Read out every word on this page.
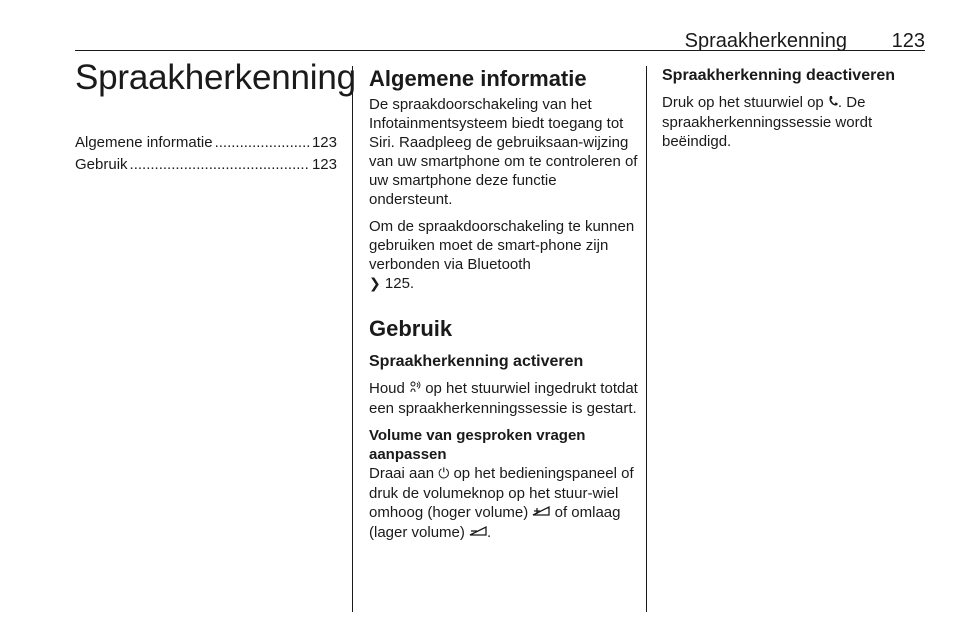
Spraakherkenning 123
Spraakherkenning
Algemene informatie .....	123
Gebruik .....	123
Algemene informatie

De spraakdoorschakeling van het Infotainmentsysteem biedt toegang tot Siri. Raadpleeg de gebruiksaan-wijzing van uw smartphone om te controleren of uw smartphone deze functie ondersteunt.

Om de spraakdoorschakeling te kunnen gebruiken moet de smart-phone zijn verbonden via Bluetooth
❯ 125.

Gebruik
Spraakherkenning activeren

Houd op het stuurwiel ingedrukt totdat een spraakherkenningssessie is gestart.

Volume van gesproken vragen aanpassen

Draai aan ⏻ op het bedieningspaneel of druk de volumeknop op het stuur-wiel omhoog (hoger volume) of omlaag (lager volume) .

Spraakherkenning deactiveren

Druk op het stuurwiel op . De spraakherkenningssessie wordt beëindigd.
